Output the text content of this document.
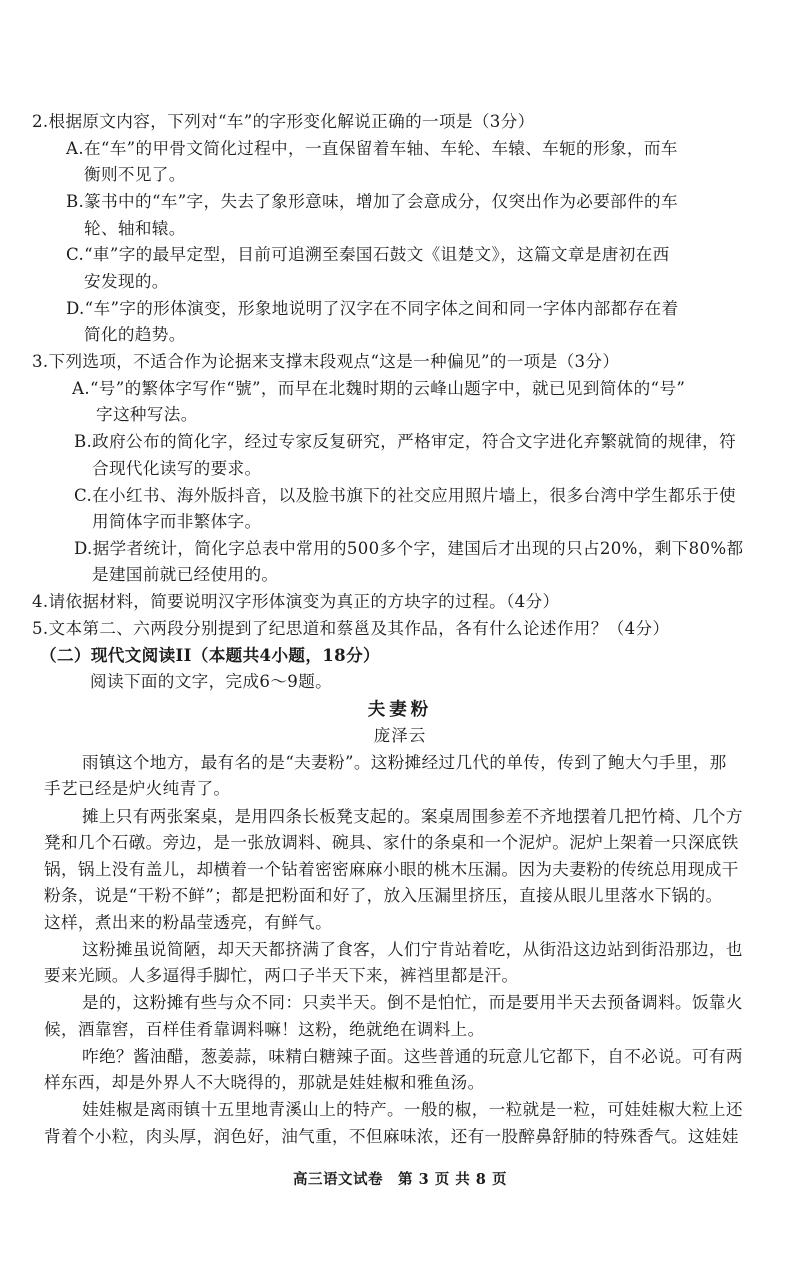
2.根据原文内容，下列对“车”的字形变化解说正确的一项是（3分）
A.在“车”的甲骨文简化过程中，一直保留着车轴、车轮、车辕、车轭的形象，而车
衡则不见了。
B.篆书中的“车”字，失去了象形意味，增加了会意成分，仅突出作为必要部件的车
轮、轴和辕。
C.“車”字的最早定型，目前可追溯至秦国石鼓文《诅楚文》，这篇文章是唐初在西
安发现的。
D.“车”字的形体演变，形象地说明了汉字在不同字体之间和同一字体内部都存在着
简化的趋势。
3.下列选项，不适合作为论据来支撑末段观点“这是一种偏见”的一项是（3分）
A.“号”的繁体字写作“號”，而早在北魏时期的云峰山题字中，就已见到简体的“号”
字这种写法。
B.政府公布的简化字，经过专家反复研究，严格审定，符合文字进化弃繁就简的规律，符
合现代化读写的要求。
C.在小红书、海外版抖音，以及脸书旗下的社交应用照片墙上，很多台湾中学生都乐于使
用简体字而非繁体字。
D.据学者统计，简化字总表中常用的500多个字，建国后才出现的只占20%，剩下80%都
是建国前就已经使用的。
4.请依据材料，简要说明汉字形体演变为真正的方块字的过程。（4分）
5.文本第二、六两段分别提到了纪思道和蔡邕及其作品，各有什么论述作用？（4分）
（二）现代文阅读II（本题共4小题，18分）
阅读下面的文字，完成6～9题。
夫妻粉
庞泽云
雨镇这个地方，最有名的是“夫妻粉”。这粉摊经过几代的单传，传到了鲍大勺手里，那
手艺已经是炉火纯青了。
摊上只有两张案桌，是用四条长板凳支起的。案桌周围参差不齐地摆着几把竹椅、几个方
凳和几个石礅。旁边，是一张放调料、碗具、家什的条桌和一个泥炉。泥炉上架着一只深底铁
锅，锅上没有盖儿，却横着一个钻着密密麻麻小眼的桃木压漏。因为夫妻粉的传统总用现成干
粉条，说是“干粉不鲜”；都是把粉面和好了，放入压漏里挤压，直接从眼儿里落水下锅的。
这样，煮出来的粉晶莹透亮，有鲜气。
这粉摊虽说简陋，却天天都挤满了食客，人们宁肯站着吃，从街沿这边站到街沿那边，也
要来光顾。人多逼得手脚忙，两口子半天下来，裤裆里都是汗。
是的，这粉摊有些与众不同：只卖半天。倒不是怕忙，而是要用半天去预备调料。饭靠火
候，酒靠窖，百样佳肴靠调料嘛！这粉，绝就绝在调料上。
咋绝？酱油醋，葱姜蒜，味精白糖辣子面。这些普通的玩意儿它都下，自不必说。可有两
样东西，却是外界人不大晓得的，那就是娃娃椒和雅鱼汤。
娃娃椒是离雨镇十五里地青溪山上的特产。一般的椒，一粒就是一粒，可娃娃椒大粒上还
背着个小粒，肉头厚，润色好，油气重，不但麻味浓，还有一股醉鼻舒肺的特殊香气。这娃娃
高三语文试卷　第 3 页 共 8 页
